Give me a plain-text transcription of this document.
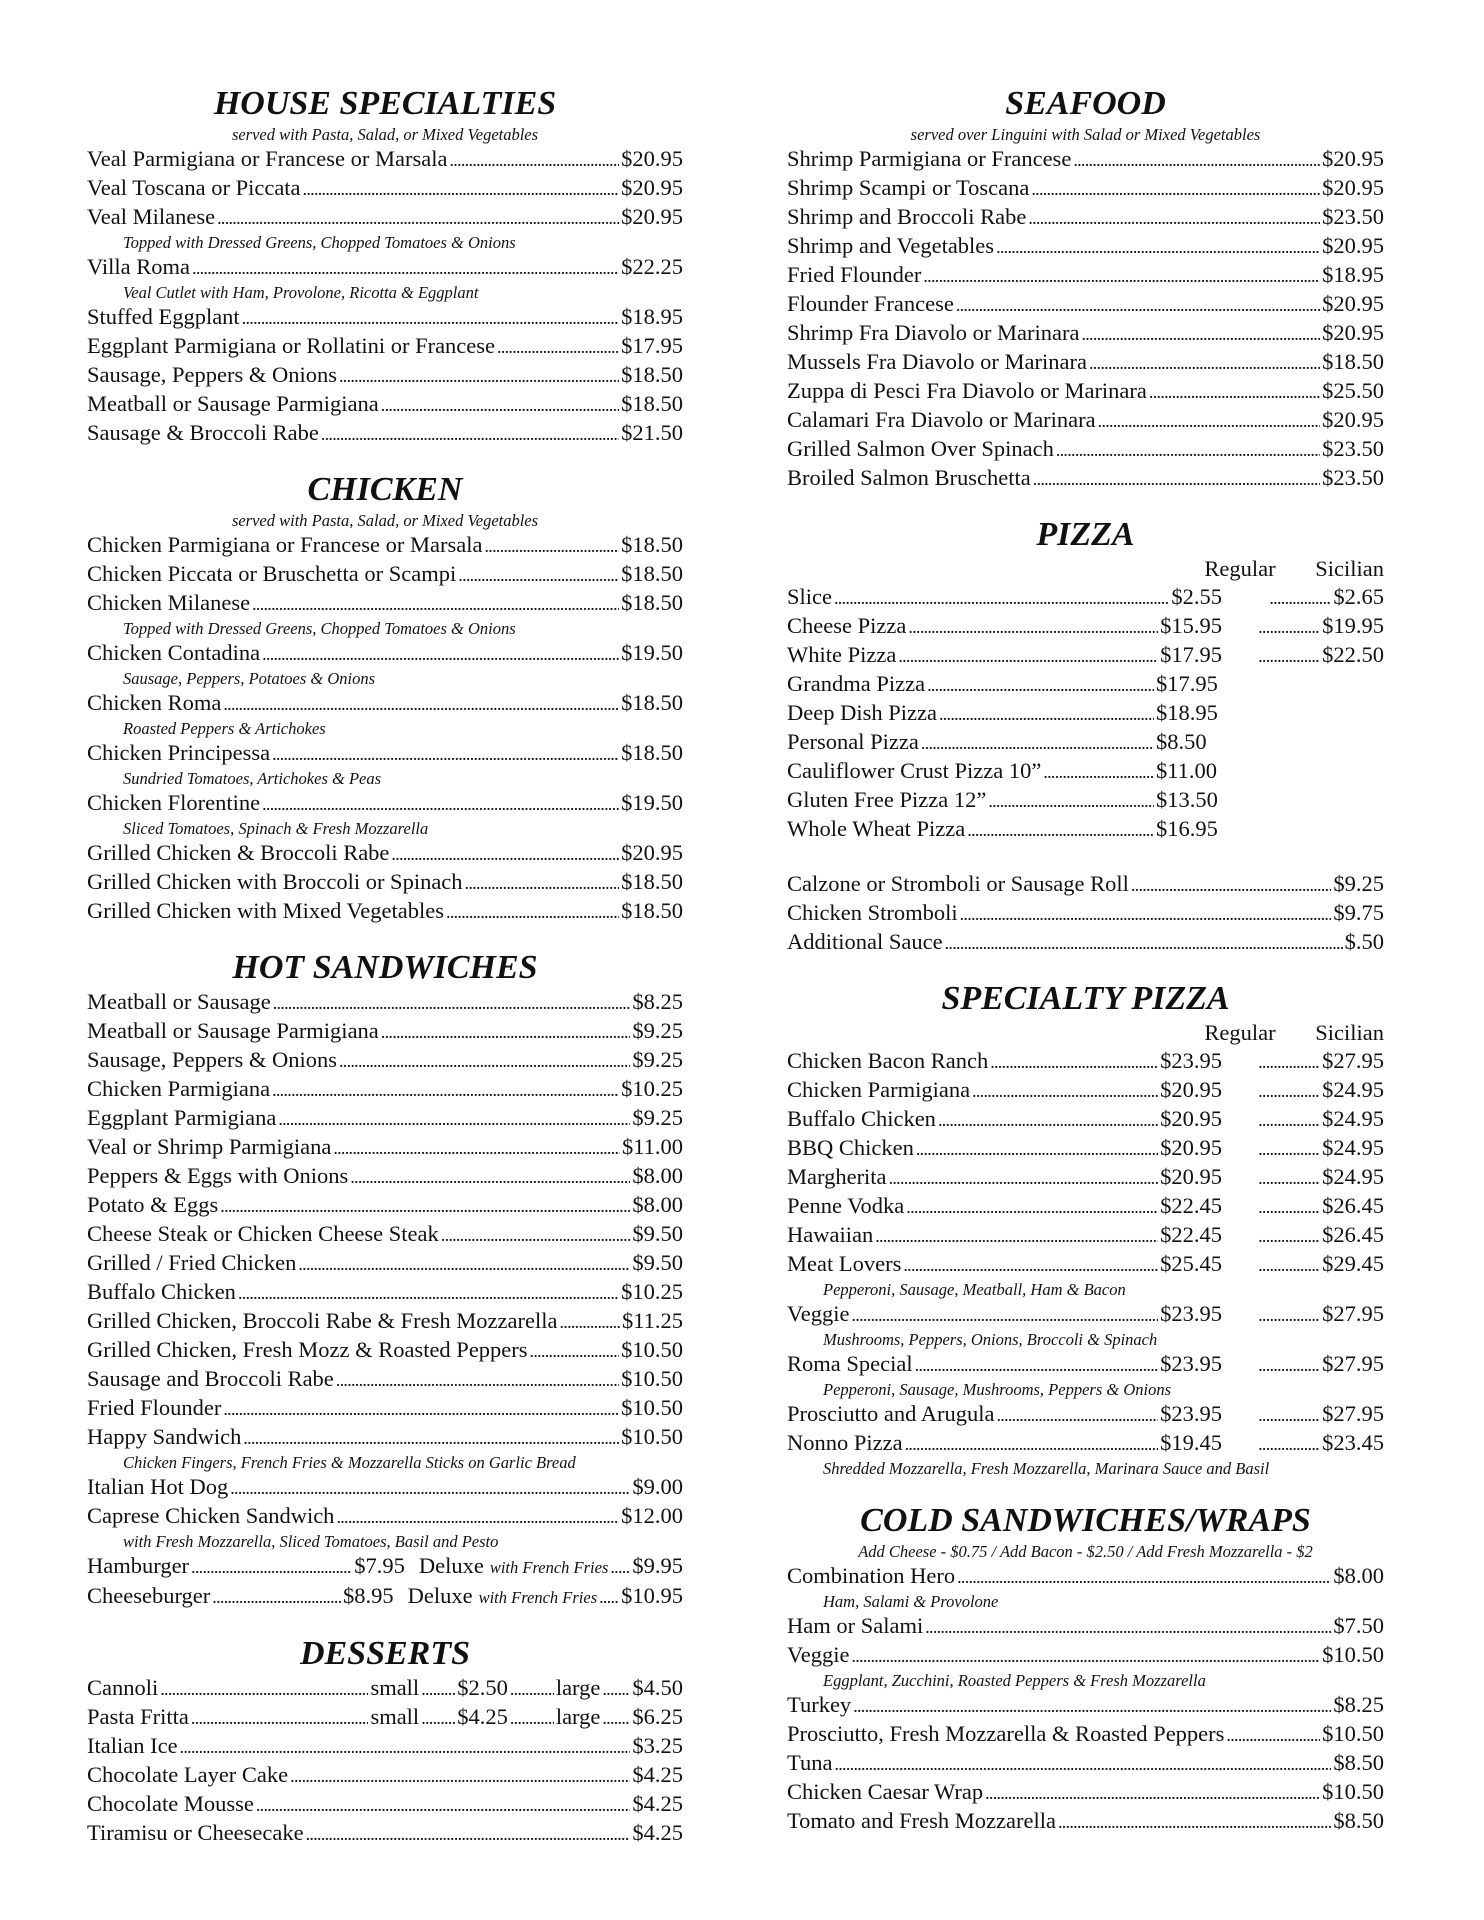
HOUSE SPECIALTIES
served with Pasta, Salad, or Mixed Vegetables
Veal Parmigiana or Francese or Marsala . . .	$20.95
Veal Toscana or Piccata . . .	$20.95
Veal Milanese . . .	$20.95
Topped with Dressed Greens, Chopped Tomatoes & Onions
Villa Roma . . .	$22.25
Veal Cutlet with Ham, Provolone, Ricotta & Eggplant
Stuffed Eggplant . . .	$18.95
Eggplant Parmigiana or Rollatini or Francese . . .	$17.95
Sausage, Peppers & Onions . . .	$18.50
Meatball or Sausage Parmigiana . . .	$18.50
Sausage & Broccoli Rabe . . .	$21.50
CHICKEN
served with Pasta, Salad, or Mixed Vegetables
Chicken Parmigiana or Francese or Marsala . . .	$18.50
Chicken Piccata or Bruschetta or Scampi . . .	$18.50
Chicken Milanese . . .	$18.50
Topped with Dressed Greens, Chopped Tomatoes & Onions
Chicken Contadina . . .	$19.50
Sausage, Peppers, Potatoes & Onions
Chicken Roma . . .	$18.50
Roasted Peppers & Artichokes
Chicken Principessa . . .	$18.50
Sundried Tomatoes, Artichokes & Peas
Chicken Florentine . . .	$19.50
Sliced Tomatoes, Spinach & Fresh Mozzarella
Grilled Chicken & Broccoli Rabe . . .	$20.95
Grilled Chicken with Broccoli or Spinach . . .	$18.50
Grilled Chicken with Mixed Vegetables . . .	$18.50
HOT SANDWICHES
Meatball or Sausage . . .	$8.25
Meatball or Sausage Parmigiana . . .	$9.25
Sausage, Peppers & Onions . . .	$9.25
Chicken Parmigiana . . .	$10.25
Eggplant Parmigiana . . .	$9.25
Veal or Shrimp Parmigiana . . .	$11.00
Peppers & Eggs with Onions . . .	$8.00
Potato & Eggs . . .	$8.00
Cheese Steak or Chicken Cheese Steak . . .	$9.50
Grilled / Fried Chicken . . .	$9.50
Buffalo Chicken . . .	$10.25
Grilled Chicken, Broccoli Rabe & Fresh Mozzarella . . .	$11.25
Grilled Chicken, Fresh Mozz & Roasted Peppers . . .	$10.50
Sausage and Broccoli Rabe . . .	$10.50
Fried Flounder . . .	$10.50
Happy Sandwich . . .	$10.50
Chicken Fingers, French Fries & Mozzarella Sticks on Garlic Bread
Italian Hot Dog . . .	$9.00
Caprese Chicken Sandwich . . .	$12.00
with Fresh Mozzarella, Sliced Tomatoes, Basil and Pesto
Hamburger . . .	$7.95 Deluxe with French Fries . . . $9.95
Cheeseburger . . .	$8.95 Deluxe with French Fries . . . $10.95
DESSERTS
Cannoli . . .	small . . . $2.50 . . . large . . . $4.50
Pasta Fritta . . .	small . . . $4.25 . . . large . . . $6.25
Italian Ice . . .	$3.25
Chocolate Layer Cake . . .	$4.25
Chocolate Mousse . . .	$4.25
Tiramisu or Cheesecake . . .	$4.25
SEAFOOD
served over Linguini with Salad or Mixed Vegetables
Shrimp Parmigiana or Francese . . .	$20.95
Shrimp Scampi or Toscana . . .	$20.95
Shrimp and Broccoli Rabe . . .	$23.50
Shrimp and Vegetables . . .	$20.95
Fried Flounder . . .	$18.95
Flounder Francese . . .	$20.95
Shrimp Fra Diavolo or Marinara . . .	$20.95
Mussels Fra Diavolo or Marinara . . .	$18.50
Zuppa di Pesci Fra Diavolo or Marinara . . .	$25.50
Calamari Fra Diavolo or Marinara . . .	$20.95
Grilled Salmon Over Spinach . . .	$23.50
Broiled Salmon Bruschetta . . .	$23.50
PIZZA
Regular	Sicilian
Slice . . .	$2.55 . . .	$2.65
Cheese Pizza . . .	$15.95 . . .	$19.95
White Pizza . . .	$17.95 . . .	$22.50
Grandma Pizza . . .	$17.95
Deep Dish Pizza . . .	$18.95
Personal Pizza . . .	$8.50
Cauliflower Crust Pizza 10” . . .	$11.00
Gluten Free Pizza 12” . . .	$13.50
Whole Wheat Pizza . . .	$16.95
Calzone or Stromboli or Sausage Roll . . .	$9.25
Chicken Stromboli . . .	$9.75
Additional Sauce . . .	$.50
SPECIALTY PIZZA
Regular	Sicilian
Chicken Bacon Ranch . . .	$23.95 . . .	$27.95
Chicken Parmigiana . . .	$20.95 . . .	$24.95
Buffalo Chicken . . .	$20.95 . . .	$24.95
BBQ Chicken . . .	$20.95 . . .	$24.95
Margherita . . .	$20.95 . . .	$24.95
Penne Vodka . . .	$22.45 . . .	$26.45
Hawaiian . . .	$22.45 . . .	$26.45
Meat Lovers . . .	$25.45 . . .	$29.45
Pepperoni, Sausage, Meatball, Ham & Bacon
Veggie . . .	$23.95 . . .	$27.95
Mushrooms, Peppers, Onions, Broccoli & Spinach
Roma Special . . .	$23.95 . . .	$27.95
Pepperoni, Sausage, Mushrooms, Peppers & Onions
Prosciutto and Arugula . . .	$23.95 . . .	$27.95
Nonno Pizza . . .	$19.45 . . .	$23.45
Shredded Mozzarella, Fresh Mozzarella, Marinara Sauce and Basil
COLD SANDWICHES/WRAPS
Add Cheese - $0.75 / Add Bacon - $2.50 / Add Fresh Mozzarella - $2
Combination Hero . . .	$8.00
Ham, Salami & Provolone
Ham or Salami . . .	$7.50
Veggie . . .	$10.50
Eggplant, Zucchini, Roasted Peppers & Fresh Mozzarella
Turkey . . .	$8.25
Prosciutto, Fresh Mozzarella & Roasted Peppers . . .	$10.50
Tuna . . .	$8.50
Chicken Caesar Wrap . . .	$10.50
Tomato and Fresh Mozzarella . . .	$8.50
